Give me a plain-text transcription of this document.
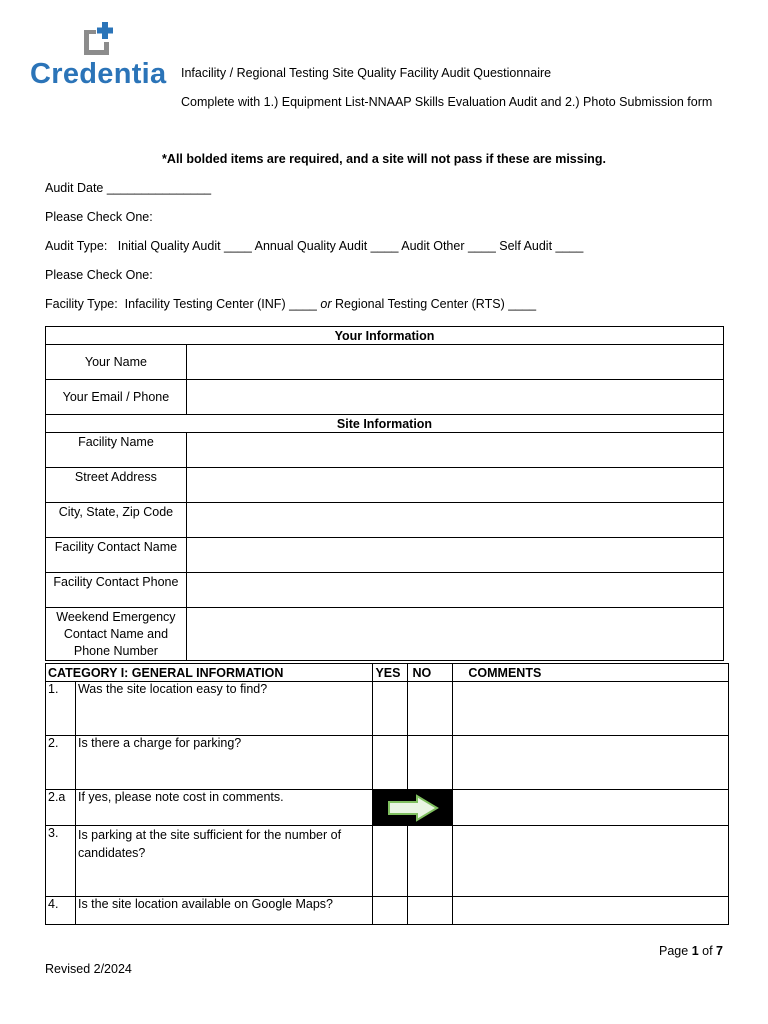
Credentia Infacility / Regional Testing Site Quality Facility Audit Questionnaire
Complete with 1.) Equipment List-NNAAP Skills Evaluation Audit and 2.) Photo Submission form
*All bolded items are required, and a site will not pass if these are missing.
Audit Date _______________
Please Check One:
Audit Type: Initial Quality Audit ____ Annual Quality Audit ____ Audit Other ____ Self Audit ____
Please Check One:
Facility Type: Infacility Testing Center (INF) ____ or Regional Testing Center (RTS) ____
Your Information	
Your Name	
Your Email / Phone	
Site Information	
Facility Name	
Street Address	
City, State, Zip Code	
Facility Contact Name	
Facility Contact Phone	
Weekend Emergency Contact Name and Phone Number	
CATEGORY I: GENERAL INFORMATION		YES	NO	COMMENTS
1.	Was the site location easy to find?			
2.	Is there a charge for parking?			
2.a	If yes, please note cost in comments.	

3.	Is parking at the site sufficient for the number of candidates?			
4.	Is the site location available on Google Maps?			
Page 1 of 7
Revised 2/2024
